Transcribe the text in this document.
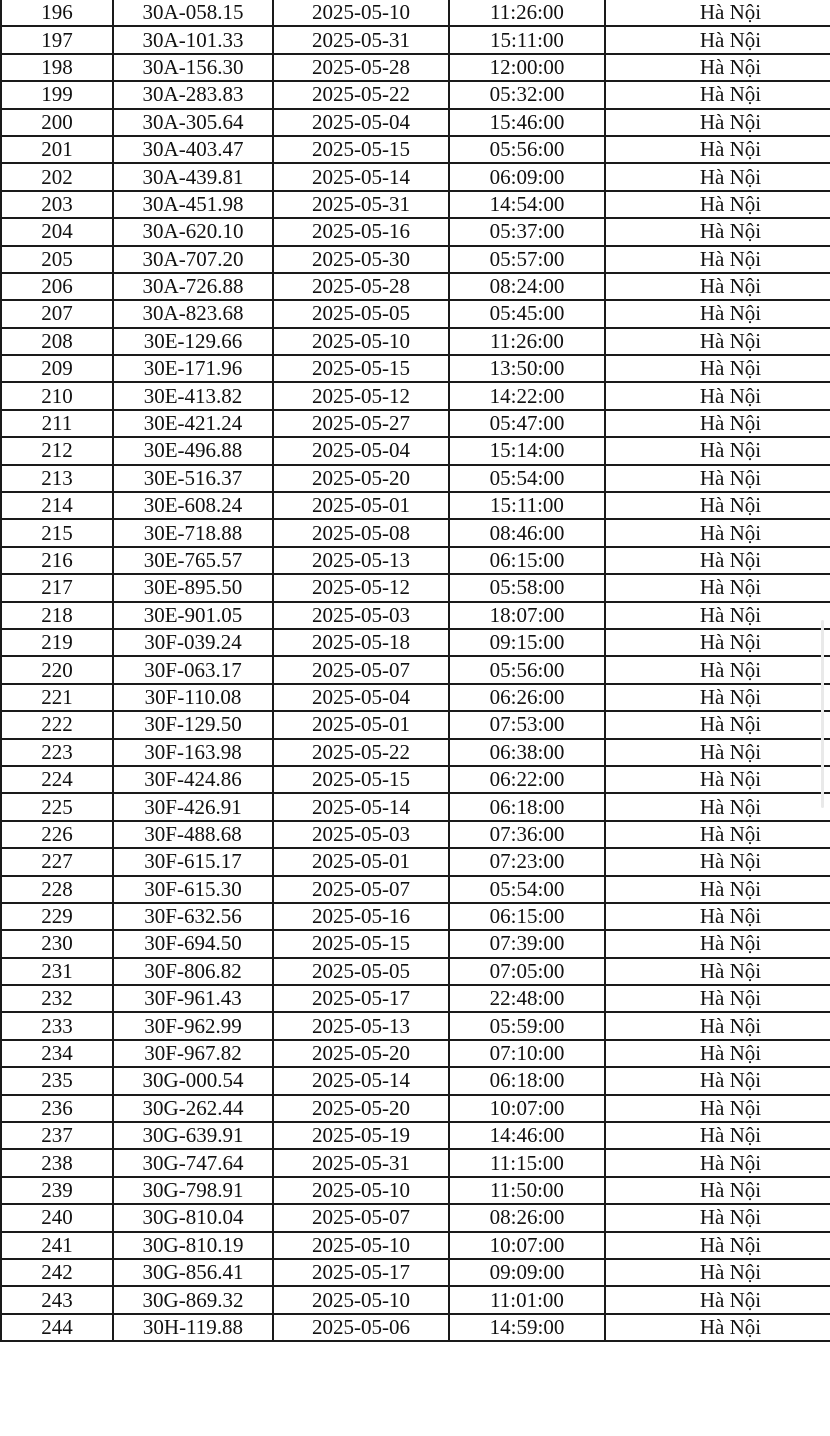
196	30A-058.15	2025-05-10	11:26:00	Hà Nội
197	30A-101.33	2025-05-31	15:11:00	Hà Nội
198	30A-156.30	2025-05-28	12:00:00	Hà Nội
199	30A-283.83	2025-05-22	05:32:00	Hà Nội
200	30A-305.64	2025-05-04	15:46:00	Hà Nội
201	30A-403.47	2025-05-15	05:56:00	Hà Nội
202	30A-439.81	2025-05-14	06:09:00	Hà Nội
203	30A-451.98	2025-05-31	14:54:00	Hà Nội
204	30A-620.10	2025-05-16	05:37:00	Hà Nội
205	30A-707.20	2025-05-30	05:57:00	Hà Nội
206	30A-726.88	2025-05-28	08:24:00	Hà Nội
207	30A-823.68	2025-05-05	05:45:00	Hà Nội
208	30E-129.66	2025-05-10	11:26:00	Hà Nội
209	30E-171.96	2025-05-15	13:50:00	Hà Nội
210	30E-413.82	2025-05-12	14:22:00	Hà Nội
211	30E-421.24	2025-05-27	05:47:00	Hà Nội
212	30E-496.88	2025-05-04	15:14:00	Hà Nội
213	30E-516.37	2025-05-20	05:54:00	Hà Nội
214	30E-608.24	2025-05-01	15:11:00	Hà Nội
215	30E-718.88	2025-05-08	08:46:00	Hà Nội
216	30E-765.57	2025-05-13	06:15:00	Hà Nội
217	30E-895.50	2025-05-12	05:58:00	Hà Nội
218	30E-901.05	2025-05-03	18:07:00	Hà Nội
219	30F-039.24	2025-05-18	09:15:00	Hà Nội
220	30F-063.17	2025-05-07	05:56:00	Hà Nội
221	30F-110.08	2025-05-04	06:26:00	Hà Nội
222	30F-129.50	2025-05-01	07:53:00	Hà Nội
223	30F-163.98	2025-05-22	06:38:00	Hà Nội
224	30F-424.86	2025-05-15	06:22:00	Hà Nội
225	30F-426.91	2025-05-14	06:18:00	Hà Nội
226	30F-488.68	2025-05-03	07:36:00	Hà Nội
227	30F-615.17	2025-05-01	07:23:00	Hà Nội
228	30F-615.30	2025-05-07	05:54:00	Hà Nội
229	30F-632.56	2025-05-16	06:15:00	Hà Nội
230	30F-694.50	2025-05-15	07:39:00	Hà Nội
231	30F-806.82	2025-05-05	07:05:00	Hà Nội
232	30F-961.43	2025-05-17	22:48:00	Hà Nội
233	30F-962.99	2025-05-13	05:59:00	Hà Nội
234	30F-967.82	2025-05-20	07:10:00	Hà Nội
235	30G-000.54	2025-05-14	06:18:00	Hà Nội
236	30G-262.44	2025-05-20	10:07:00	Hà Nội
237	30G-639.91	2025-05-19	14:46:00	Hà Nội
238	30G-747.64	2025-05-31	11:15:00	Hà Nội
239	30G-798.91	2025-05-10	11:50:00	Hà Nội
240	30G-810.04	2025-05-07	08:26:00	Hà Nội
241	30G-810.19	2025-05-10	10:07:00	Hà Nội
242	30G-856.41	2025-05-17	09:09:00	Hà Nội
243	30G-869.32	2025-05-10	11:01:00	Hà Nội
244	30H-119.88	2025-05-06	14:59:00	Hà Nội
